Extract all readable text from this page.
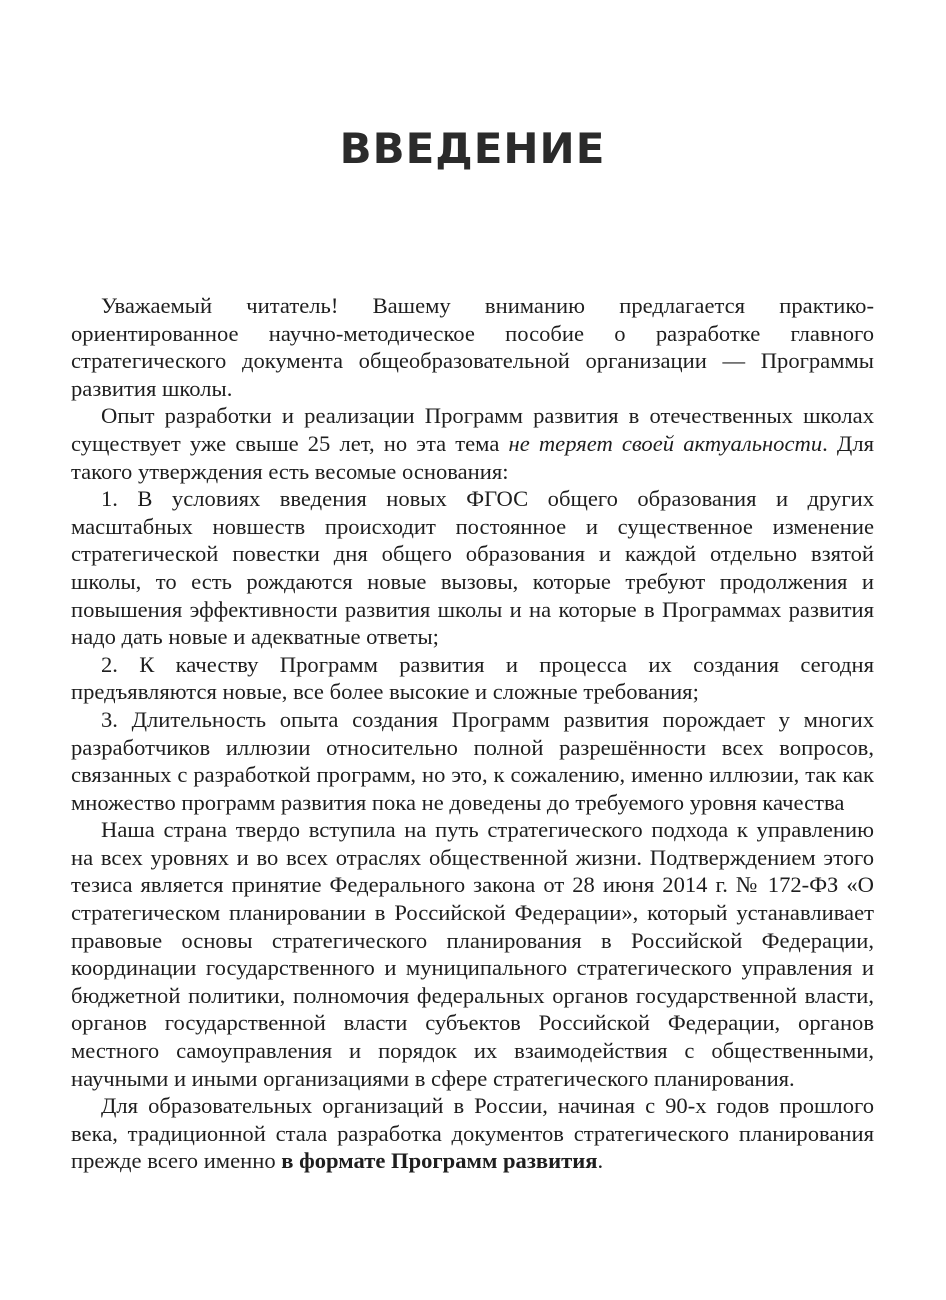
ВВЕДЕНИЕ

Уважаемый читатель! Вашему вниманию предлагается практико-ориентированное научно-методическое пособие о разработке главного стратегического документа общеобразовательной организации — Программы развития школы.

Опыт разработки и реализации Программ развития в отечественных школах существует уже свыше 25 лет, но эта тема не теряет своей актуальности. Для такого утверждения есть весомые основания:

1. В условиях введения новых ФГОС общего образования и других масштабных новшеств происходит постоянное и существенное изменение стратегической повестки дня общего образования и каждой отдельно взятой школы, то есть рождаются новые вызовы, которые требуют продолжения и повышения эффективности развития школы и на которые в Программах развития надо дать новые и адекватные ответы;

2. К качеству Программ развития и процесса их создания сегодня предъявляются новые, все более высокие и сложные требования;

3. Длительность опыта создания Программ развития порождает у многих разработчиков иллюзии относительно полной разрешённости всех вопросов, связанных с разработкой программ, но это, к сожалению, именно иллюзии, так как множество программ развития пока не доведены до требуемого уровня качества

Наша страна твердо вступила на путь стратегического подхода к управлению на всех уровнях и во всех отраслях общественной жизни. Подтверждением этого тезиса является принятие Федерального закона от 28 июня 2014 г. № 172-ФЗ «О стратегическом планировании в Российской Федерации», который устанавливает правовые основы стратегического планирования в Российской Федерации, координации государственного и муниципального стратегического управления и бюджетной политики, полномочия федеральных органов государственной власти, органов государственной власти субъектов Российской Федерации, органов местного самоуправления и порядок их взаимодействия с общественными, научными и иными организациями в сфере стратегического планирования.

Для образовательных организаций в России, начиная с 90-х годов прошлого века, традиционной стала разработка документов стратегического планирования прежде всего именно в формате Программ развития.
